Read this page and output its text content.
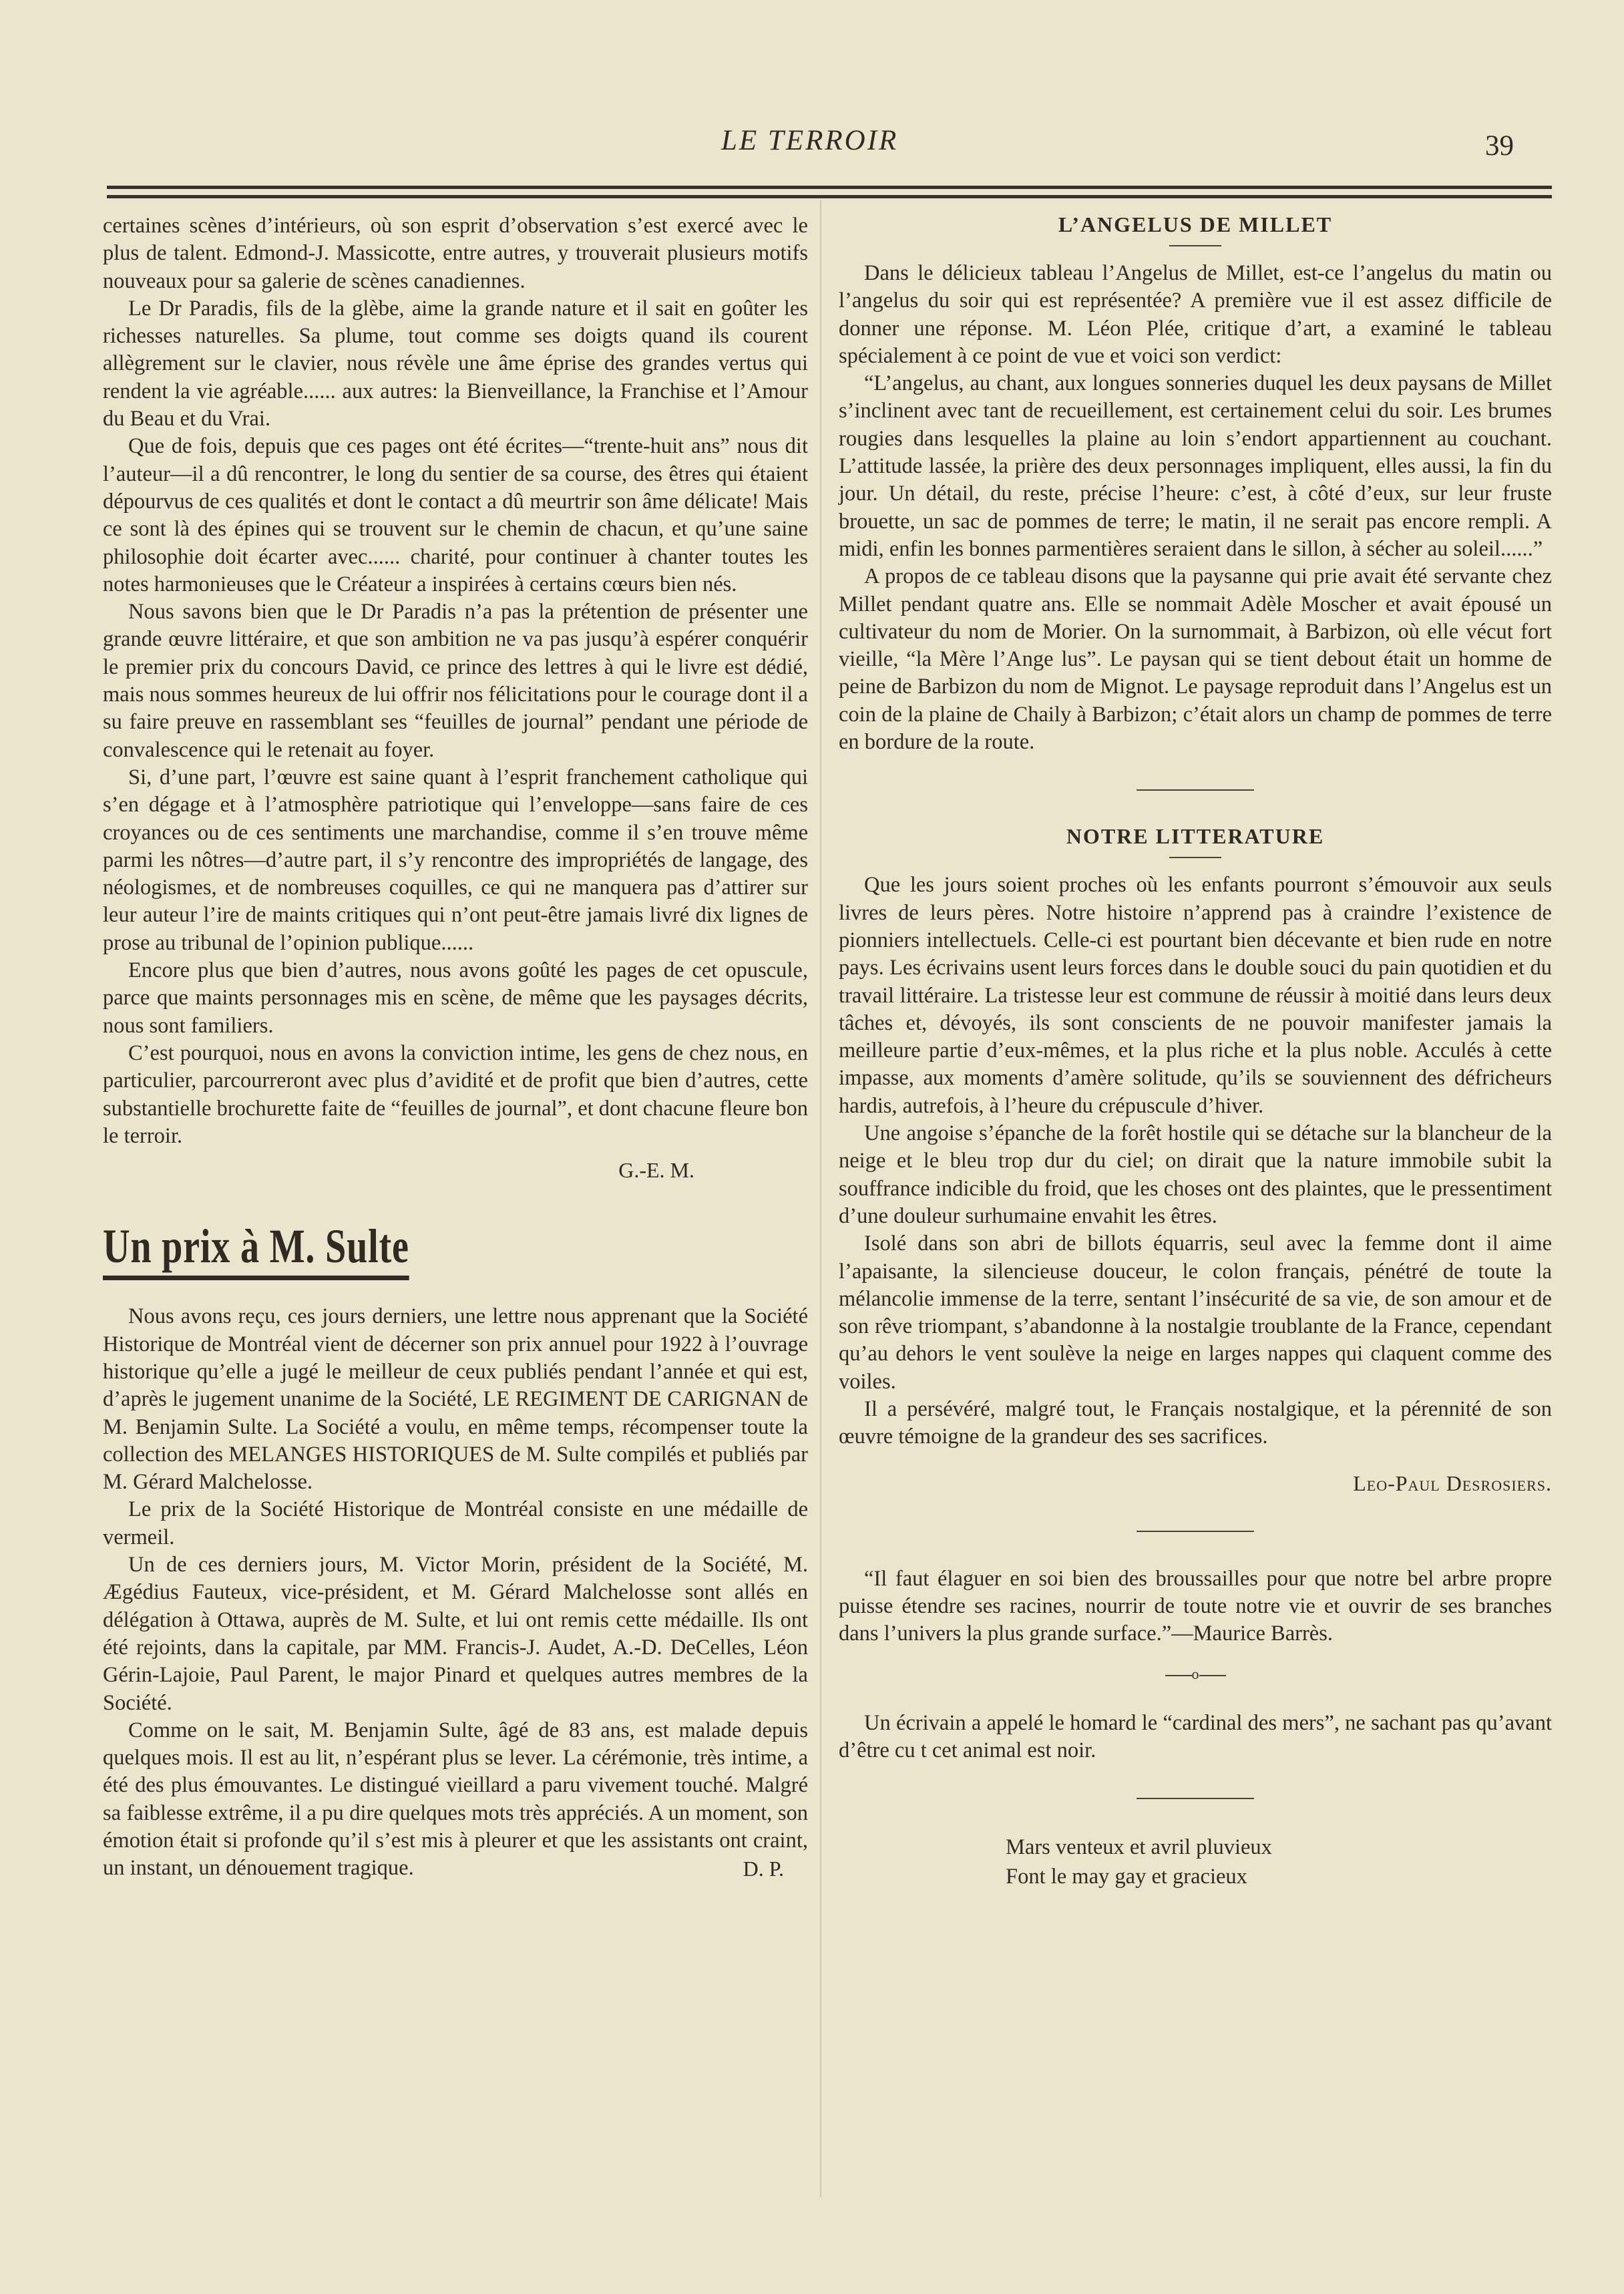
LE TERROIR	39

certaines scènes d’intérieurs, où son esprit d’observation s’est exercé avec le plus de talent. Edmond-J. Massicotte, entre autres, y trouverait plusieurs motifs nouveaux pour sa galerie de scènes canadiennes.

Le Dr Paradis, fils de la glèbe, aime la grande nature et il sait en goûter les richesses naturelles. Sa plume, tout comme ses doigts quand ils courent allègrement sur le clavier, nous révèle une âme éprise des grandes vertus qui rendent la vie agréable...... aux autres: la Bienveillance, la Franchise et l’Amour du Beau et du Vrai.

Que de fois, depuis que ces pages ont été écrites—“trente-huit ans” nous dit l’auteur—il a dû rencontrer, le long du sentier de sa course, des êtres qui étaient dépourvus de ces qualités et dont le contact a dû meurtrir son âme délicate! Mais ce sont là des épines qui se trouvent sur le chemin de chacun, et qu’une saine philosophie doit écarter avec...... charité, pour continuer à chanter toutes les notes harmonieuses que le Créateur a inspirées à certains cœurs bien nés.

Nous savons bien que le Dr Paradis n’a pas la prétention de présenter une grande œuvre littéraire, et que son ambition ne va pas jusqu’à espérer conquérir le premier prix du concours David, ce prince des lettres à qui le livre est dédié, mais nous sommes heureux de lui offrir nos félicitations pour le courage dont il a su faire preuve en rassemblant ses “feuilles de journal” pendant une période de convalescence qui le retenait au foyer.

Si, d’une part, l’œuvre est saine quant à l’esprit franchement catholique qui s’en dégage et à l’atmosphère patriotique qui l’enveloppe—sans faire de ces croyances ou de ces sentiments une marchandise, comme il s’en trouve même parmi les nôtres—d’autre part, il s’y rencontre des impropriétés de langage, des néologismes, et de nombreuses coquilles, ce qui ne manquera pas d’attirer sur leur auteur l’ire de maints critiques qui n’ont peut-être jamais livré dix lignes de prose au tribunal de l’opinion publique......

Encore plus que bien d’autres, nous avons goûté les pages de cet opuscule, parce que maints personnages mis en scène, de même que les paysages décrits, nous sont familiers.

C’est pourquoi, nous en avons la conviction intime, les gens de chez nous, en particulier, parcourreront avec plus d’avidité et de profit que bien d’autres, cette substantielle brochurette faite de “feuilles de journal”, et dont chacune fleure bon le terroir.

G.-E. M.

Un prix à M. Sulte

Nous avons reçu, ces jours derniers, une lettre nous apprenant que la Société Historique de Montréal vient de décerner son prix annuel pour 1922 à l’ouvrage historique qu’elle a jugé le meilleur de ceux publiés pendant l’année et qui est, d’après le jugement unanime de la Société, LE REGIMENT DE CARIGNAN de M. Benjamin Sulte. La Société a voulu, en même temps, récompenser toute la collection des MELANGES HISTORIQUES de M. Sulte compilés et publiés par M. Gérard Malchelosse.

Le prix de la Société Historique de Montréal consiste en une médaille de vermeil.

Un de ces derniers jours, M. Victor Morin, président de la Société, M. Ægédius Fauteux, vice-président, et M. Gérard Malchelosse sont allés en délégation à Ottawa, auprès de M. Sulte, et lui ont remis cette médaille. Ils ont été rejoints, dans la capitale, par MM. Francis-J. Audet, A.-D. DeCelles, Léon Gérin-Lajoie, Paul Parent, le major Pinard et quelques autres membres de la Société.

Comme on le sait, M. Benjamin Sulte, âgé de 83 ans, est malade depuis quelques mois. Il est au lit, n’espérant plus se lever. La cérémonie, très intime, a été des plus émouvantes. Le distingué vieillard a paru vivement touché. Malgré sa faiblesse extrême, il a pu dire quelques mots très appréciés. A un moment, son émotion était si profonde qu’il s’est mis à pleurer et que les assistants ont craint, un instant, un dénouement tragique.	D. P.

L’ANGELUS DE MILLET

Dans le délicieux tableau l’Angelus de Millet, est-ce l’angelus du matin ou l’angelus du soir qui est représentée? A première vue il est assez difficile de donner une réponse. M. Léon Plée, critique d’art, a examiné le tableau spécialement à ce point de vue et voici son verdict:

“L’angelus, au chant, aux longues sonneries duquel les deux paysans de Millet s’inclinent avec tant de recueillement, est certainement celui du soir. Les brumes rougies dans lesquelles la plaine au loin s’endort appartiennent au couchant. L’attitude lassée, la prière des deux personnages impliquent, elles aussi, la fin du jour. Un détail, du reste, précise l’heure: c’est, à côté d’eux, sur leur fruste brouette, un sac de pommes de terre; le matin, il ne serait pas encore rempli. A midi, enfin les bonnes parmentières seraient dans le sillon, à sécher au soleil......”

A propos de ce tableau disons que la paysanne qui prie avait été servante chez Millet pendant quatre ans. Elle se nommait Adèle Moscher et avait épousé un cultivateur du nom de Morier. On la surnommait, à Barbizon, où elle vécut fort vieille, “la Mère l’Ange lus”. Le paysan qui se tient debout était un homme de peine de Barbizon du nom de Mignot. Le paysage reproduit dans l’Angelus est un coin de la plaine de Chaily à Barbizon; c’était alors un champ de pommes de terre en bordure de la route.

NOTRE LITTERATURE

Que les jours soient proches où les enfants pourront s’émouvoir aux seuls livres de leurs pères. Notre histoire n’apprend pas à craindre l’existence de pionniers intellectuels. Celle-ci est pourtant bien décevante et bien rude en notre pays. Les écrivains usent leurs forces dans le double souci du pain quotidien et du travail littéraire. La tristesse leur est commune de réussir à moitié dans leurs deux tâches et, dévoyés, ils sont conscients de ne pouvoir manifester jamais la meilleure partie d’eux-mêmes, et la plus riche et la plus noble. Acculés à cette impasse, aux moments d’amère solitude, qu’ils se souviennent des défricheurs hardis, autrefois, à l’heure du crépuscule d’hiver.

Une angoise s’épanche de la forêt hostile qui se détache sur la blancheur de la neige et le bleu trop dur du ciel; on dirait que la nature immobile subit la souffrance indicible du froid, que les choses ont des plaintes, que le pressentiment d’une douleur surhumaine envahit les êtres.

Isolé dans son abri de billots équarris, seul avec la femme dont il aime l’apaisante, la silencieuse douceur, le colon français, pénétré de toute la mélancolie immense de la terre, sentant l’insécurité de sa vie, de son amour et de son rêve triompant, s’abandonne à la nostalgie troublante de la France, cependant qu’au dehors le vent soulève la neige en larges nappes qui claquent comme des voiles.

Il a persévéré, malgré tout, le Français nostalgique, et la pérennité de son œuvre témoigne de la grandeur des ses sacrifices.

Leo-Paul Desrosiers.

“Il faut élaguer en soi bien des broussailles pour que notre bel arbre propre puisse étendre ses racines, nourrir de toute notre vie et ouvrir de ses branches dans l’univers la plus grande surface.”—Maurice Barrès.

o

Un écrivain a appelé le homard le “cardinal des mers”, ne sachant pas qu’avant d’être cu t cet animal est noir.

Mars venteux et avril pluvieux

Font le may gay et gracieux
